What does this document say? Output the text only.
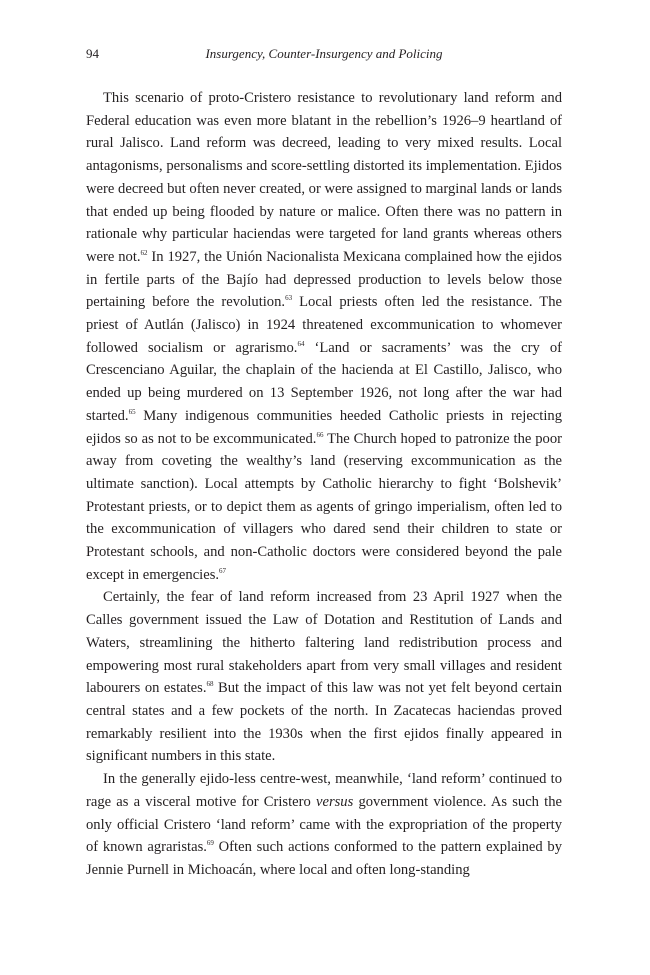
94	Insurgency, Counter-Insurgency and Policing

This scenario of proto-Cristero resistance to revolutionary land reform and Federal education was even more blatant in the rebellion’s 1926–9 heartland of rural Jalisco. Land reform was decreed, leading to very mixed results. Local antagonisms, personalisms and score-settling distorted its implementation. Ejidos were decreed but often never created, or were assigned to marginal lands or lands that ended up being flooded by nature or malice. Often there was no pattern in rationale why particular haciendas were targeted for land grants whereas others were not.$^{62}$ In 1927, the Unión Nacionalista Mexicana complained how the ejidos in fertile parts of the Bajío had depressed production to levels below those pertaining before the revolution.$^{63}$ Local priests often led the resistance. The priest of Autlán (Jalisco) in 1924 threatened excommunication to whomever followed socialism or agrarismo.$^{64}$ ‘Land or sacraments’ was the cry of Crescenciano Aguilar, the chaplain of the hacienda at El Castillo, Jalisco, who ended up being murdered on 13 September 1926, not long after the war had started.$^{65}$ Many indigenous communities heeded Catholic priests in rejecting ejidos so as not to be excommunicated.$^{66}$ The Church hoped to patronize the poor away from coveting the wealthy’s land (reserving excommunication as the ultimate sanction). Local attempts by Catholic hierarchy to fight ‘Bolshevik’ Protestant priests, or to depict them as agents of gringo imperialism, often led to the excommunication of villagers who dared send their children to state or Protestant schools, and non-Catholic doctors were considered beyond the pale except in emergencies.$^{67}$

Certainly, the fear of land reform increased from 23 April 1927 when the Calles government issued the Law of Dotation and Restitution of Lands and Waters, streamlining the hitherto faltering land redistribution process and empowering most rural stakeholders apart from very small villages and resident labourers on estates.$^{68}$ But the impact of this law was not yet felt beyond certain central states and a few pockets of the north. In Zacatecas haciendas proved remarkably resilient into the 1930s when the first ejidos finally appeared in significant numbers in this state.

In the generally ejido-less centre-west, meanwhile, ‘land reform’ continued to rage as a visceral motive for Cristero versus government violence. As such the only official Cristero ‘land reform’ came with the expropriation of the property of known agraristas.$^{69}$ Often such actions conformed to the pattern explained by Jennie Purnell in Michoacán, where local and often long-standing
